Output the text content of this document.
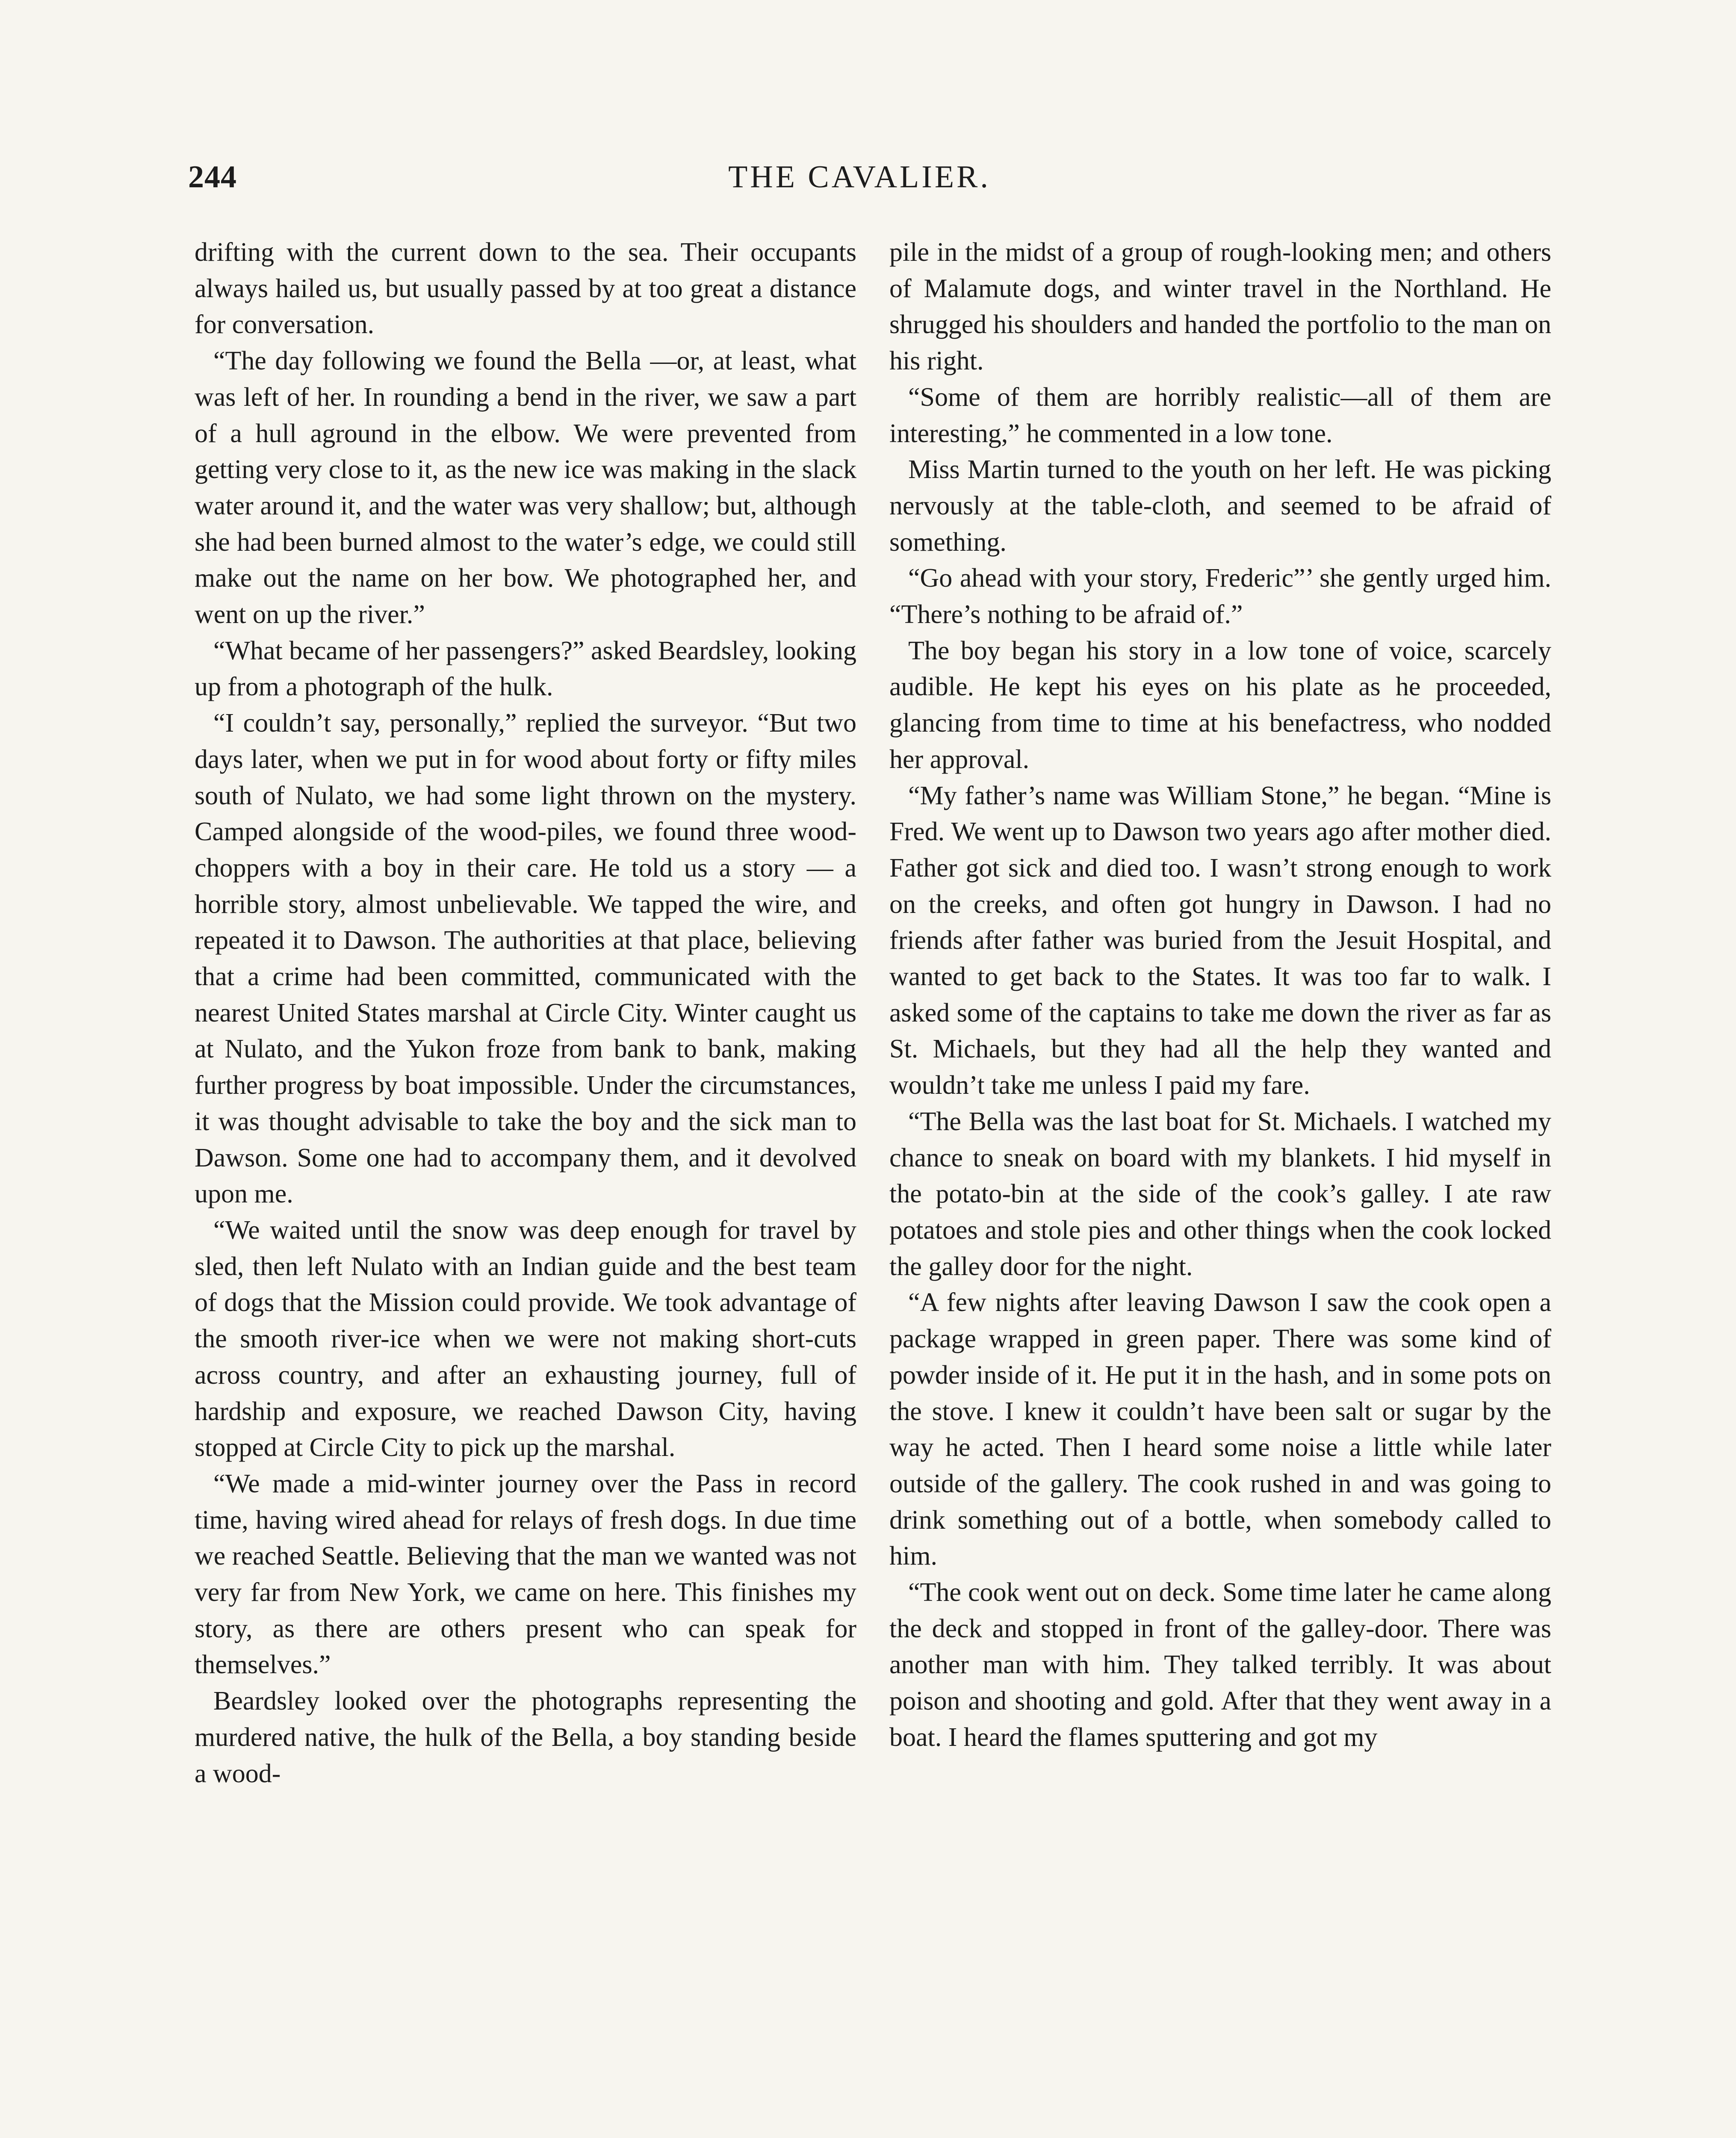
244	THE CAVALIER.

drifting with the current down to the sea. Their occupants always hailed us, but usually passed by at too great a distance for conversation.

“The day following we found the Bella —or, at least, what was left of her. In rounding a bend in the river, we saw a part of a hull aground in the elbow. We were prevented from getting very close to it, as the new ice was making in the slack water around it, and the water was very shallow; but, although she had been burned almost to the water’s edge, we could still make out the name on her bow. We photographed her, and went on up the river.”

“What became of her passengers?” asked Beardsley, looking up from a photograph of the hulk.

“I couldn’t say, personally,” replied the surveyor. “But two days later, when we put in for wood about forty or fifty miles south of Nulato, we had some light thrown on the mystery. Camped alongside of the wood-piles, we found three wood-choppers with a boy in their care. He told us a story — a horrible story, almost unbelievable. We tapped the wire, and repeated it to Dawson. The authorities at that place, believing that a crime had been committed, communicated with the nearest United States marshal at Circle City. Winter caught us at Nulato, and the Yukon froze from bank to bank, making further progress by boat impossible. Under the circumstances, it was thought advisable to take the boy and the sick man to Dawson. Some one had to accompany them, and it devolved upon me.

“We waited until the snow was deep enough for travel by sled, then left Nulato with an Indian guide and the best team of dogs that the Mission could provide. We took advantage of the smooth river-ice when we were not making short-cuts across country, and after an exhausting journey, full of hardship and exposure, we reached Dawson City, having stopped at Circle City to pick up the marshal.

“We made a mid-winter journey over the Pass in record time, having wired ahead for relays of fresh dogs. In due time we reached Seattle. Believing that the man we wanted was not very far from New York, we came on here. This finishes my story, as there are others present who can speak for themselves.”

Beardsley looked over the photographs representing the murdered native, the hulk of the Bella, a boy standing beside a wood-

pile in the midst of a group of rough-looking men; and others of Malamute dogs, and winter travel in the Northland. He shrugged his shoulders and handed the portfolio to the man on his right.

“Some of them are horribly realistic—all of them are interesting,” he commented in a low tone.

Miss Martin turned to the youth on her left. He was picking nervously at the table-cloth, and seemed to be afraid of something.

“Go ahead with your story, Frederic”’ she gently urged him. “There’s nothing to be afraid of.”

The boy began his story in a low tone of voice, scarcely audible. He kept his eyes on his plate as he proceeded, glancing from time to time at his benefactress, who nodded her approval.

“My father’s name was William Stone,” he began. “Mine is Fred. We went up to Dawson two years ago after mother died. Father got sick and died too. I wasn’t strong enough to work on the creeks, and often got hungry in Dawson. I had no friends after father was buried from the Jesuit Hospital, and wanted to get back to the States. It was too far to walk. I asked some of the captains to take me down the river as far as St. Michaels, but they had all the help they wanted and wouldn’t take me unless I paid my fare.

“The Bella was the last boat for St. Michaels. I watched my chance to sneak on board with my blankets. I hid myself in the potato-bin at the side of the cook’s galley. I ate raw potatoes and stole pies and other things when the cook locked the galley door for the night.

“A few nights after leaving Dawson I saw the cook open a package wrapped in green paper. There was some kind of powder inside of it. He put it in the hash, and in some pots on the stove. I knew it couldn’t have been salt or sugar by the way he acted. Then I heard some noise a little while later outside of the gallery. The cook rushed in and was going to drink something out of a bottle, when somebody called to him.

“The cook went out on deck. Some time later he came along the deck and stopped in front of the galley-door. There was another man with him. They talked terribly. It was about poison and shooting and gold. After that they went away in a boat. I heard the flames sputtering and got my
